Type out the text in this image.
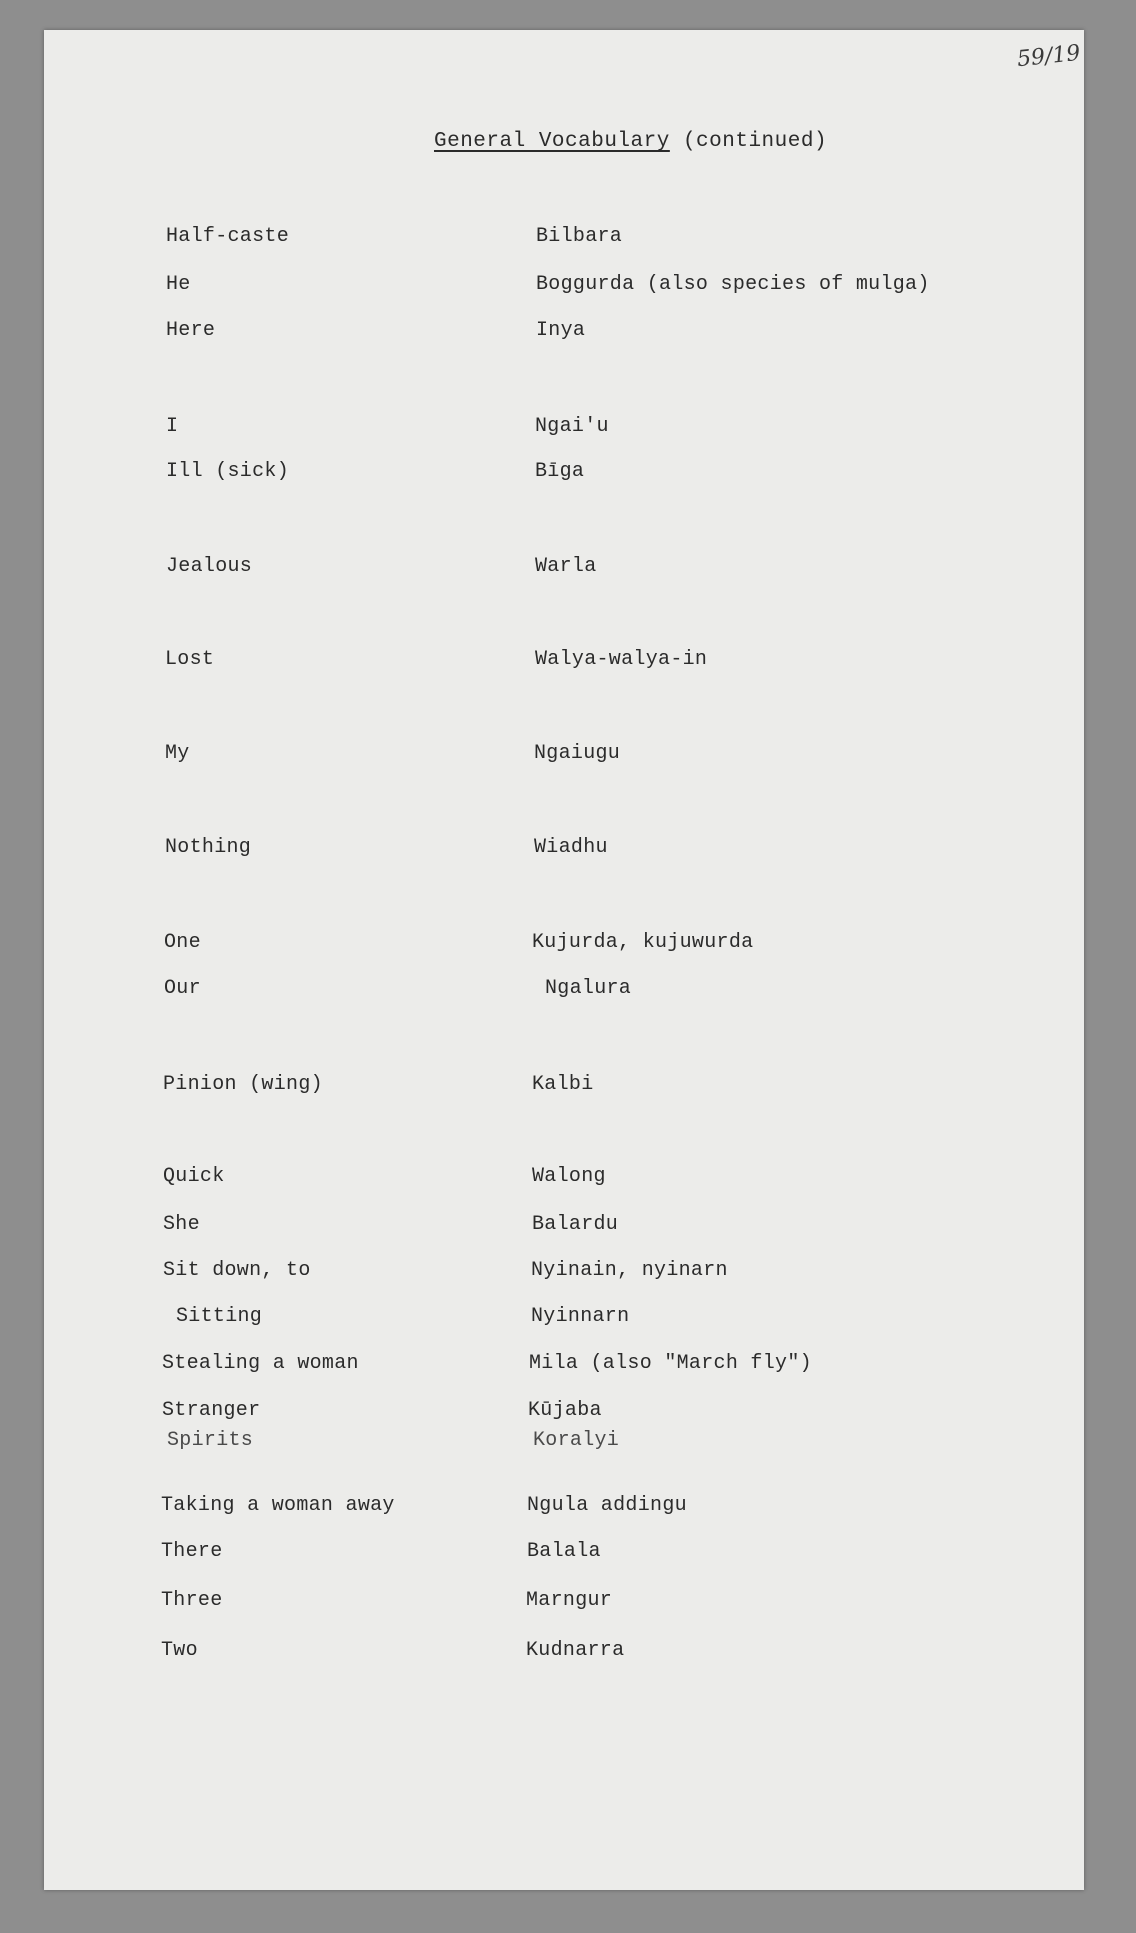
59/19
General Vocabulary (continued)
Half-caste	Bilbara
He	Boggurda (also species of mulga)
Here	Inya
I	Ngai'u
Ill (sick)	Bīga
Jealous	Warla
Lost	Walya-walya-in
My	Ngaiugu
Nothing	Wiadhu
One	Kujurda, kujuwurda
Our	Ngalura
Pinion (wing)	Kalbi
Quick	Walong
She	Balardu
Sit down, to	Nyinain, nyinarn
Sitting	Nyinnarn
Stealing a woman	Mila (also "March fly")
Stranger	Kūjaba
Spirits	Koralyi
Taking a woman away	Ngula addingu
There	Balala
Three	Marngur
Two	Kudnarra
